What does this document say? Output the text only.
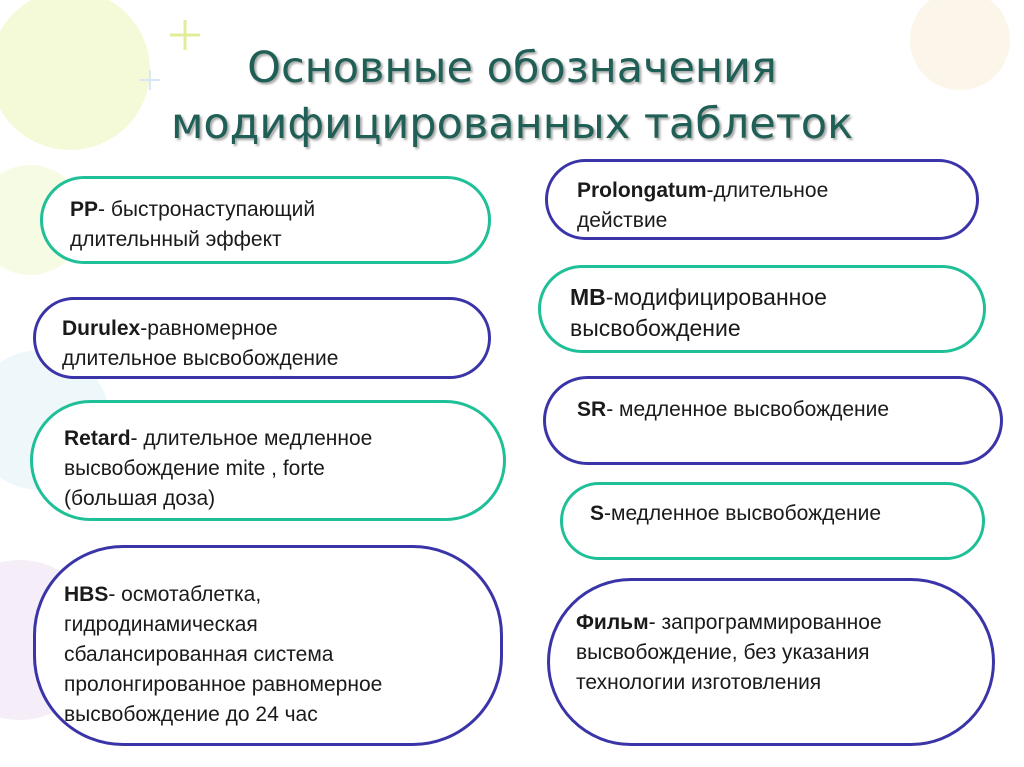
Основные обозначения
модифицированных таблеток

РР- быстронаступающий
длительнный эффект

Durulex-равномерное
длительное высвобождение

Retard- длительное медленное
высвобождение mite , forte
(большая доза)

HBS- осмотаблетка,
гидродинамическая
сбалансированная система
пролонгированное равномерное
высвобождение до 24 час

Prolongatum-длительное
действие

MB-модифицированное
высвобождение

SR- медленное высвобождение

S-медленное высвобождение

Фильм- запрограммированное
высвобождение, без указания
технологии изготовления
